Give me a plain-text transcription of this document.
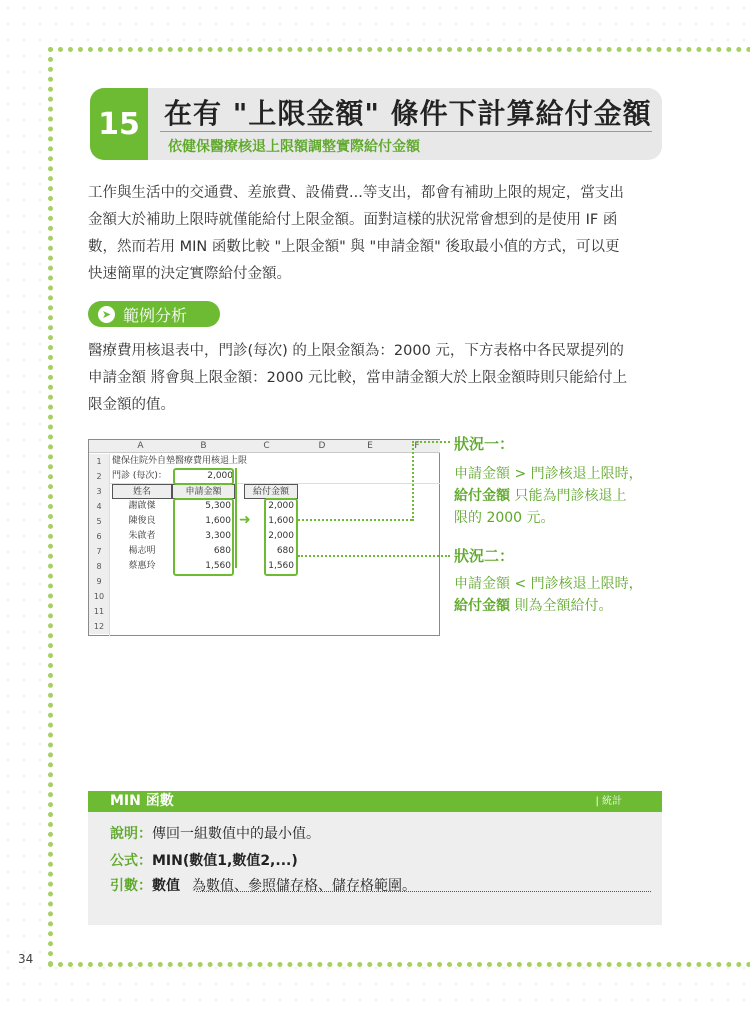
34
15 在有 "上限金額" 條件下計算給付金額
依健保醫療核退上限額調整實際給付金額
工作與生活中的交通費、差旅費、設備費...等支出，都會有補助上限的規定，當支出
金額大於補助上限時就僅能給付上限金額。面對這樣的狀況常會想到的是使用 IF 函
數，然而若用 MIN 函數比較 "上限金額" 與 "申請金額" 後取最小值的方式，可以更
快速簡單的決定實際給付金額。
➤ 範例分析
醫療費用核退表中，門診(每次) 的上限金額為：2000 元，下方表格中各民眾提列的
申請金額 將會與上限金額：2000 元比較，當申請金額大於上限金額時則只能給付上
限金額的值。
A	B	C	D	E	F
1
2
3
4
5
6
7
8
9
10
11
12
健保住院外自墊醫療費用核退上限
門診 (每次)：	2,000
姓名	申請金額	給付金額
謝啟傑	5,300	2,000
陳俊良	1,600	1,600
朱啟者	3,300	2,000
楊志明	680	680
蔡惠玲	1,560	1,560
➜
狀況一：
申請金額 > 門診核退上限時，
給付金額 只能為門診核退上
限的 2000 元。
狀況二：
申請金額 < 門診核退上限時，
給付金額 則為全額給付。
MIN 函數	| 統計
說明：傳回一組數值中的最小值。
公式：MIN(數值1,數值2,...)
引數：數值 為數值、參照儲存格、儲存格範圍。
